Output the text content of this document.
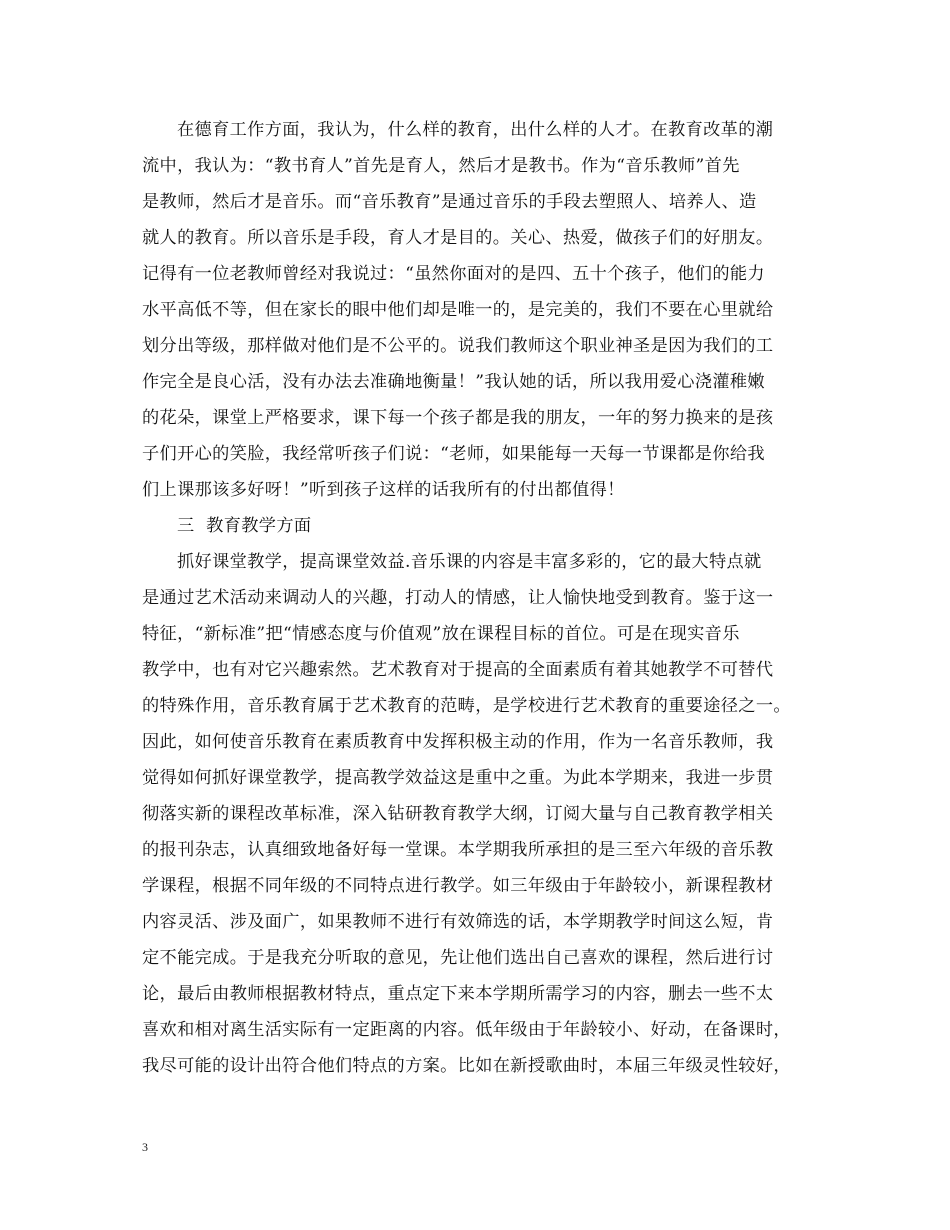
在德育工作方面，我认为，什么样的教育，出什么样的人才。在教育改革的潮
流中，我认为：“教书育人”首先是育人，然后才是教书。作为“音乐教师”首先
是教师，然后才是音乐。而“音乐教育”是通过音乐的手段去塑照人、培养人、造
就人的教育。所以音乐是手段，育人才是目的。关心、热爱，做孩子们的好朋友。
记得有一位老教师曾经对我说过：“虽然你面对的是四、五十个孩子，他们的能力
水平高低不等，但在家长的眼中他们却是唯一的，是完美的，我们不要在心里就给
划分出等级，那样做对他们是不公平的。说我们教师这个职业神圣是因为我们的工
作完全是良心活，没有办法去准确地衡量！”我认她的话，所以我用爱心浇灌稚嫩
的花朵，课堂上严格要求，课下每一个孩子都是我的朋友，一年的努力换来的是孩
子们开心的笑脸，我经常听孩子们说：“老师，如果能每一天每一节课都是你给我
们上课那该多好呀！”听到孩子这样的话我所有的付出都值得！
三  教育教学方面
抓好课堂教学，提高课堂效益.音乐课的内容是丰富多彩的，它的最大特点就
是通过艺术活动来调动人的兴趣，打动人的情感，让人愉快地受到教育。鉴于这一
特征，“新标准”把“情感态度与价值观”放在课程目标的首位。可是在现实音乐
教学中，也有对它兴趣索然。艺术教育对于提高的全面素质有着其她教学不可替代
的特殊作用，音乐教育属于艺术教育的范畴，是学校进行艺术教育的重要途径之一。
因此，如何使音乐教育在素质教育中发挥积极主动的作用，作为一名音乐教师，我
觉得如何抓好课堂教学，提高教学效益这是重中之重。为此本学期来，我进一步贯
彻落实新的课程改革标准，深入钻研教育教学大纲，订阅大量与自己教育教学相关
的报刊杂志，认真细致地备好每一堂课。本学期我所承担的是三至六年级的音乐教
学课程，根据不同年级的不同特点进行教学。如三年级由于年龄较小，新课程教材
内容灵活、涉及面广，如果教师不进行有效筛选的话，本学期教学时间这么短，肯
定不能完成。于是我充分听取的意见，先让他们选出自己喜欢的课程，然后进行讨
论，最后由教师根据教材特点，重点定下来本学期所需学习的内容，删去一些不太
喜欢和相对离生活实际有一定距离的内容。低年级由于年龄较小、好动，在备课时，
我尽可能的设计出符合他们特点的方案。比如在新授歌曲时，本届三年级灵性较好，
3
